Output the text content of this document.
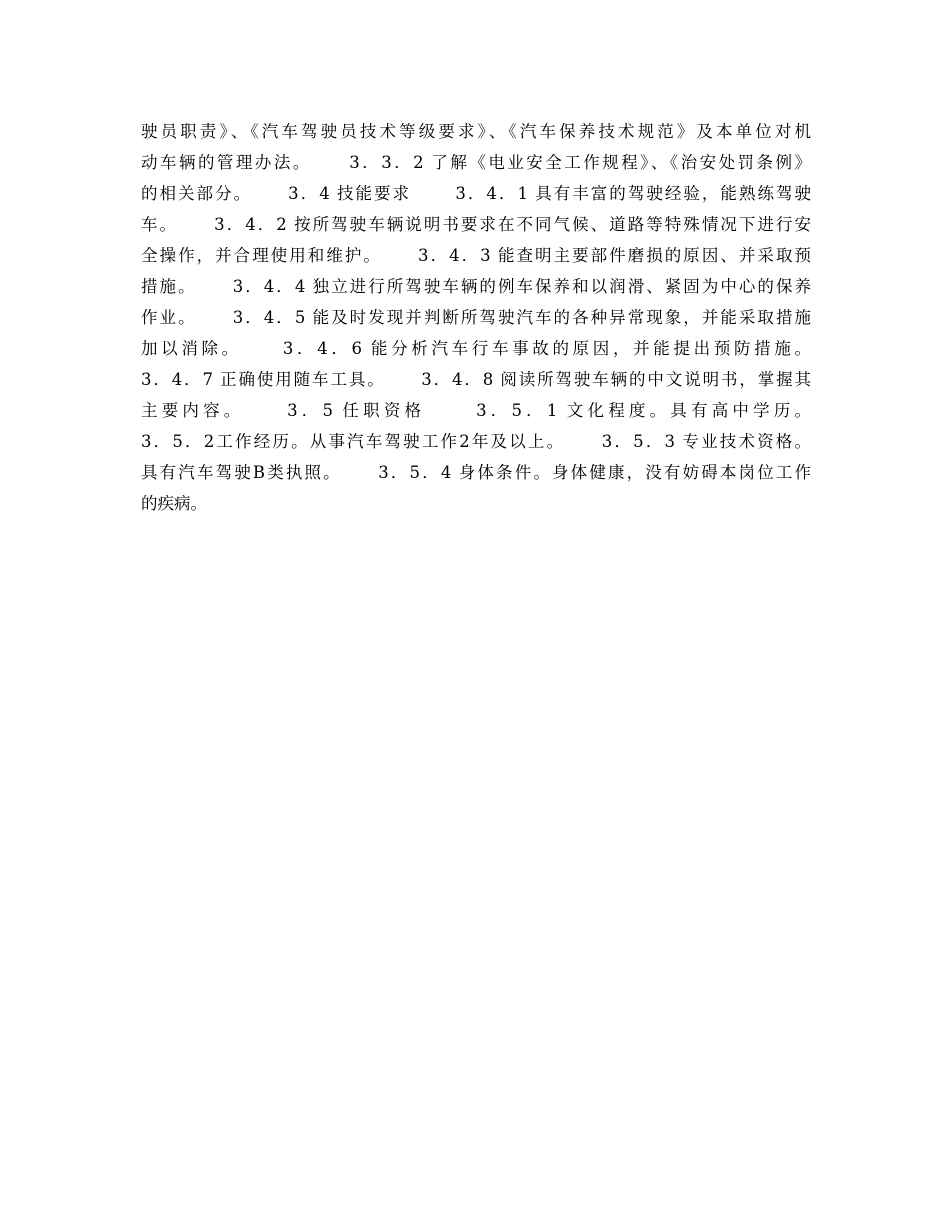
驶员职责》、《汽车驾驶员技术等级要求》、《汽车保养技术规范》及本单位对机
动车辆的管理办法。　　 3．3．2 了解《电业安全工作规程》、《治安处罚条例》
的相关部分。　　 3．4 技能要求　　 3．4．1 具有丰富的驾驶经验，能熟练驾驶
车。　　 3．4．2 按所驾驶车辆说明书要求在不同气候、道路等特殊情况下进行安
全操作，并合理使用和维护。　　 3．4．3 能查明主要部件磨损的原因、并采取预
措施。　　 3．4．4 独立进行所驾驶车辆的例车保养和以润滑、紧固为中心的保养
作业。　　 3．4．5 能及时发现并判断所驾驶汽车的各种异常现象，并能采取措施
加以消除。　　 3．4．6 能分析汽车行车事故的原因，并能提出预防措施。
3．4．7 正确使用随车工具。　　 3．4．8 阅读所驾驶车辆的中文说明书，掌握其
主要内容。　　 3．5 任职资格　　 3．5．1 文化程度。具有高中学历。
3．5．2工作经历。从事汽车驾驶工作2年及以上。　　 3．5．3 专业技术资格。
具有汽车驾驶B类执照。　　 3．5．4 身体条件。身体健康，没有妨碍本岗位工作
的疾病。
